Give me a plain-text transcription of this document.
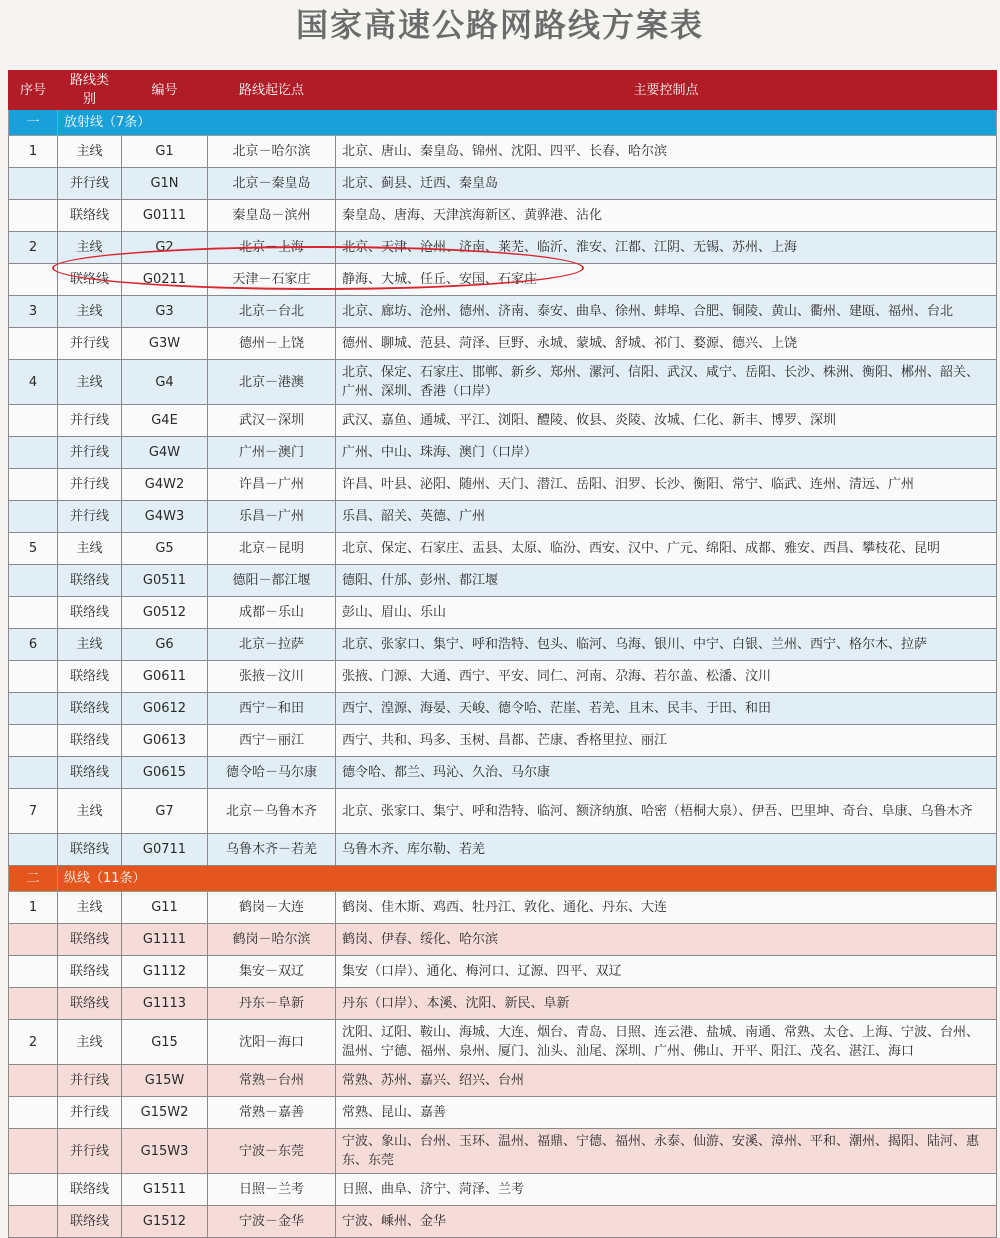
国家高速公路网路线方案表
序号	路线类别	编号	路线起讫点	主要控制点
一	放射线（7条）			
1	主线	G1	北京－哈尔滨	北京、唐山、秦皇岛、锦州、沈阳、四平、长春、哈尔滨
	并行线	G1N	北京－秦皇岛	北京、蓟县、迁西、秦皇岛
	联络线	G0111	秦皇岛－滨州	秦皇岛、唐海、天津滨海新区、黄骅港、沾化
2	主线	G2	北京－上海	北京、天津、沧州、济南、莱芜、临沂、淮安、江都、江阴、无锡、苏州、上海
	联络线	G0211	天津－石家庄	静海、大城、任丘、安国、石家庄
3	主线	G3	北京－台北	北京、廊坊、沧州、德州、济南、泰安、曲阜、徐州、蚌埠、合肥、铜陵、黄山、衢州、建瓯、福州、台北
	并行线	G3W	德州－上饶	德州、聊城、范县、菏泽、巨野、永城、蒙城、舒城、祁门、婺源、德兴、上饶
4	主线	G4	北京－港澳	北京、保定、石家庄、邯郸、新乡、郑州、漯河、信阳、武汉、咸宁、岳阳、长沙、株洲、衡阳、郴州、韶关、广州、深圳、香港（口岸）
	并行线	G4E	武汉－深圳	武汉、嘉鱼、通城、平江、浏阳、醴陵、攸县、炎陵、汝城、仁化、新丰、博罗、深圳
	并行线	G4W	广州－澳门	广州、中山、珠海、澳门（口岸）
	并行线	G4W2	许昌－广州	许昌、叶县、泌阳、随州、天门、潜江、岳阳、汨罗、长沙、衡阳、常宁、临武、连州、清远、广州
	并行线	G4W3	乐昌－广州	乐昌、韶关、英德、广州
5	主线	G5	北京－昆明	北京、保定、石家庄、盂县、太原、临汾、西安、汉中、广元、绵阳、成都、雅安、西昌、攀枝花、昆明
	联络线	G0511	德阳－都江堰	德阳、什邡、彭州、都江堰
	联络线	G0512	成都－乐山	彭山、眉山、乐山
6	主线	G6	北京－拉萨	北京、张家口、集宁、呼和浩特、包头、临河、乌海、银川、中宁、白银、兰州、西宁、格尔木、拉萨
	联络线	G0611	张掖－汶川	张掖、门源、大通、西宁、平安、同仁、河南、尕海、若尔盖、松潘、汶川
	联络线	G0612	西宁－和田	西宁、湟源、海晏、天峻、德令哈、茫崖、若羌、且末、民丰、于田、和田
	联络线	G0613	西宁－丽江	西宁、共和、玛多、玉树、昌都、芒康、香格里拉、丽江
	联络线	G0615	德令哈－马尔康	德令哈、都兰、玛沁、久治、马尔康
7	主线	G7	北京－乌鲁木齐	北京、张家口、集宁、呼和浩特、临河、额济纳旗、哈密（梧桐大泉）、伊吾、巴里坤、奇台、阜康、乌鲁木齐
	联络线	G0711	乌鲁木齐－若羌	乌鲁木齐、库尔勒、若羌
二	纵线（11条）			
1	主线	G11	鹤岗－大连	鹤岗、佳木斯、鸡西、牡丹江、敦化、通化、丹东、大连
	联络线	G1111	鹤岗－哈尔滨	鹤岗、伊春、绥化、哈尔滨
	联络线	G1112	集安－双辽	集安（口岸）、通化、梅河口、辽源、四平、双辽
	联络线	G1113	丹东－阜新	丹东（口岸）、本溪、沈阳、新民、阜新
2	主线	G15	沈阳－海口	沈阳、辽阳、鞍山、海城、大连、烟台、青岛、日照、连云港、盐城、南通、常熟、太仓、上海、宁波、台州、温州、宁德、福州、泉州、厦门、汕头、汕尾、深圳、广州、佛山、开平、阳江、茂名、湛江、海口
	并行线	G15W	常熟－台州	常熟、苏州、嘉兴、绍兴、台州
	并行线	G15W2	常熟－嘉善	常熟、昆山、嘉善
	并行线	G15W3	宁波－东莞	宁波、象山、台州、玉环、温州、福鼎、宁德、福州、永泰、仙游、安溪、漳州、平和、潮州、揭阳、陆河、惠东、东莞
	联络线	G1511	日照－兰考	日照、曲阜、济宁、菏泽、兰考
	联络线	G1512	宁波－金华	宁波、嵊州、金华
